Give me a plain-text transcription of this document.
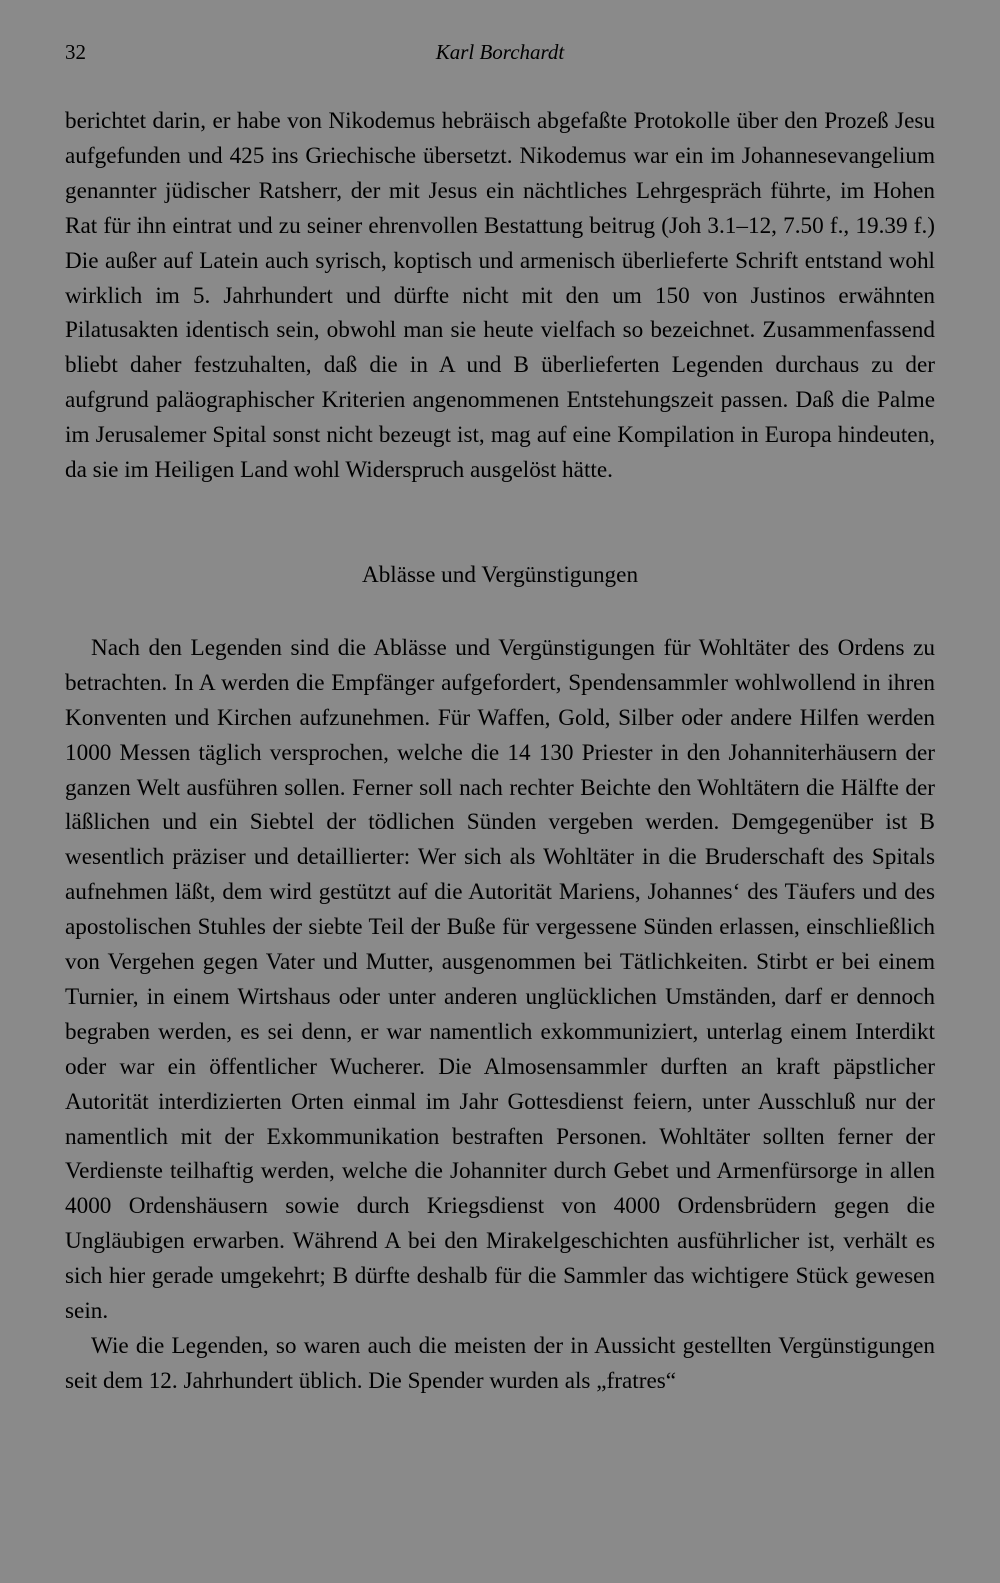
32	Karl Borchardt

berichtet darin, er habe von Nikodemus hebräisch abgefaßte Protokolle über den Prozeß Jesu aufgefunden und 425 ins Griechische übersetzt. Nikodemus war ein im Johannesevangelium genannter jüdischer Ratsherr, der mit Jesus ein nächtliches Lehrgespräch führte, im Hohen Rat für ihn eintrat und zu seiner ehrenvollen Bestattung beitrug (Joh 3.1–12, 7.50 f., 19.39 f.) Die außer auf Latein auch syrisch, koptisch und armenisch überlieferte Schrift entstand wohl wirklich im 5. Jahrhundert und dürfte nicht mit den um 150 von Justinos erwähnten Pilatusakten identisch sein, obwohl man sie heute vielfach so bezeichnet. Zusammenfassend bliebt daher festzuhalten, daß die in A und B überlieferten Legenden durchaus zu der aufgrund paläographischer Kriterien angenommenen Entstehungszeit passen. Daß die Palme im Jerusalemer Spital sonst nicht bezeugt ist, mag auf eine Kompilation in Europa hindeuten, da sie im Heiligen Land wohl Widerspruch ausgelöst hätte.

Ablässe und Vergünstigungen

Nach den Legenden sind die Ablässe und Vergünstigungen für Wohltäter des Ordens zu betrachten. In A werden die Empfänger aufgefordert, Spendensammler wohlwollend in ihren Konventen und Kirchen aufzunehmen. Für Waffen, Gold, Silber oder andere Hilfen werden 1000 Messen täglich versprochen, welche die 14 130 Priester in den Johanniterhäusern der ganzen Welt ausführen sollen. Ferner soll nach rechter Beichte den Wohltätern die Hälfte der läßlichen und ein Siebtel der tödlichen Sünden vergeben werden. Demgegenüber ist B wesentlich präziser und detaillierter: Wer sich als Wohltäter in die Bruderschaft des Spitals aufnehmen läßt, dem wird gestützt auf die Autorität Mariens, Johannes‘ des Täufers und des apostolischen Stuhles der siebte Teil der Buße für vergessene Sünden erlassen, einschließlich von Vergehen gegen Vater und Mutter, ausgenommen bei Tätlichkeiten. Stirbt er bei einem Turnier, in einem Wirtshaus oder unter anderen unglücklichen Umständen, darf er dennoch begraben werden, es sei denn, er war namentlich exkommuniziert, unterlag einem Interdikt oder war ein öffentlicher Wucherer. Die Almosensammler durften an kraft päpstlicher Autorität interdizierten Orten einmal im Jahr Gottesdienst feiern, unter Ausschluß nur der namentlich mit der Exkommunikation bestraften Personen. Wohltäter sollten ferner der Verdienste teilhaftig werden, welche die Johanniter durch Gebet und Armenfürsorge in allen 4000 Ordenshäusern sowie durch Kriegsdienst von 4000 Ordensbrüdern gegen die Ungläubigen erwarben. Während A bei den Mirakelgeschichten ausführlicher ist, verhält es sich hier gerade umgekehrt; B dürfte deshalb für die Sammler das wichtigere Stück gewesen sein.

Wie die Legenden, so waren auch die meisten der in Aussicht gestellten Vergünstigungen seit dem 12. Jahrhundert üblich. Die Spender wurden als „fratres“
